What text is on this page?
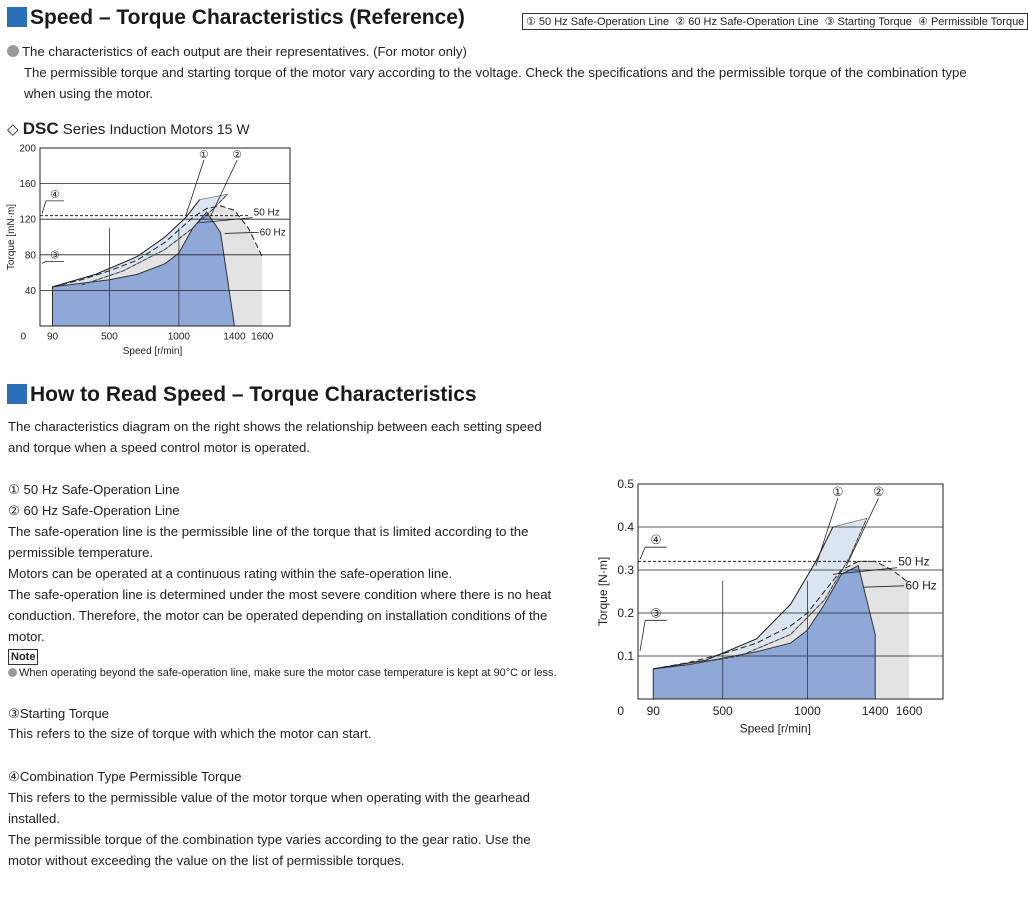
Speed – Torque Characteristics (Reference)	① 50 Hz Safe-Operation Line ② 60 Hz Safe-Operation Line ③ Starting Torque ④ Permissible Torque
The characteristics of each output are their representatives. (For motor only)
The permissible torque and starting torque of the motor vary according to the voltage. Check the specifications and the permissible torque of the combination type
when using the motor.
◇ DSC Series Induction Motors 15 W
40
80
120
160
200
0 90	500	1000	1400 1600
Speed [r/min]
Torque [mN·m]	50 Hz
60 Hz
① ②
④
③
How to Read Speed – Torque Characteristics
The characteristics diagram on the right shows the relationship between each setting speed
and torque when a speed control motor is operated.
① 50 Hz Safe-Operation Line
② 60 Hz Safe-Operation Line
The safe-operation line is the permissible line of the torque that is limited according to the
permissible temperature.
Motors can be operated at a continuous rating within the safe-operation line.
The safe-operation line is determined under the most severe condition where there is no heat
conduction. Therefore, the motor can be operated depending on installation conditions of the
motor.
Note
When operating beyond the safe-operation line, make sure the motor case temperature is kept at 90°C or less.
③Starting Torque
This refers to the size of torque with which the motor can start.
④Combination Type Permissible Torque
This refers to the permissible value of the motor torque when operating with the gearhead
installed.
The permissible torque of the combination type varies according to the gear ratio. Use the
motor without exceeding the value on the list of permissible torques.
0.1
0.2
0.3
0.4
0.5
0 90	500	1000	1400 1600
Speed [r/min]
Torque [N·m]	50 Hz
60 Hz
① ②
④
③
